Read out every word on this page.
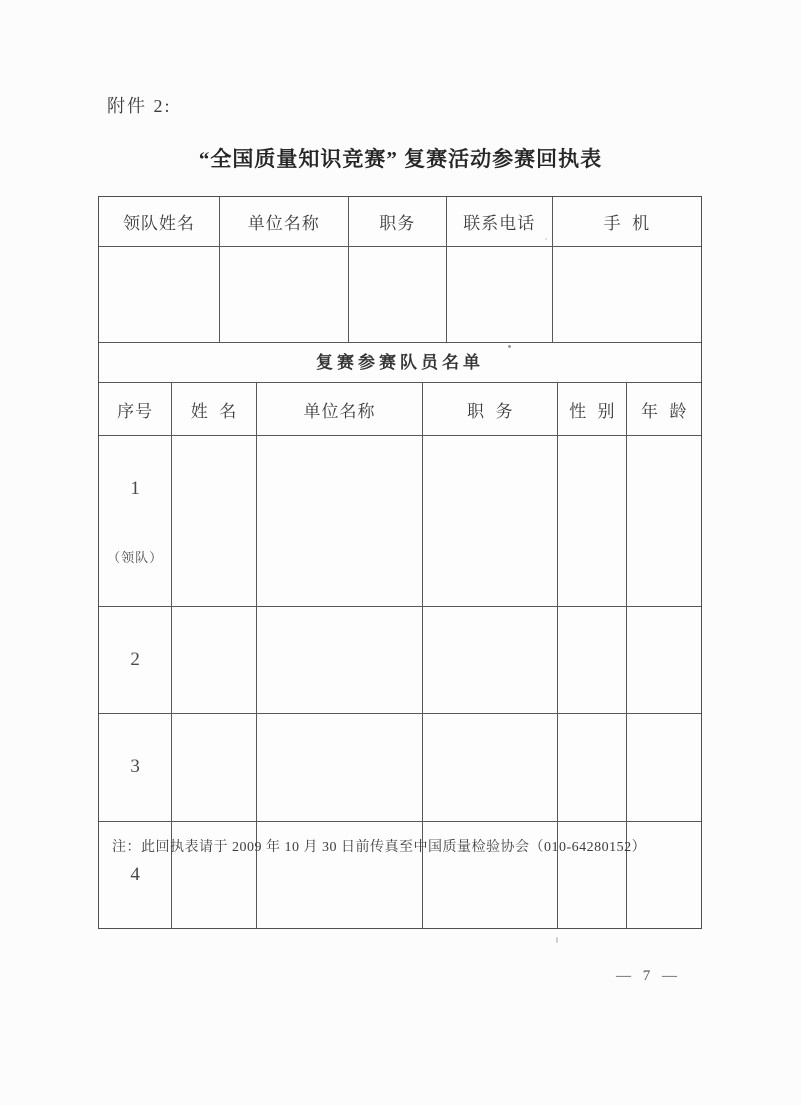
附件 2:
“全国质量知识竞赛” 复赛活动参赛回执表
领队姓名	单位名称	职务	联系电话	手  机

复赛参赛队员名单
序号	姓  名	单位名称	职  务	性  别	年  龄

1

（领队）					

2					

3					

4					

注：此回执表请于 2009 年 10 月 30 日前传真至中国质量检验协会（010-64280152）
— 7 —
